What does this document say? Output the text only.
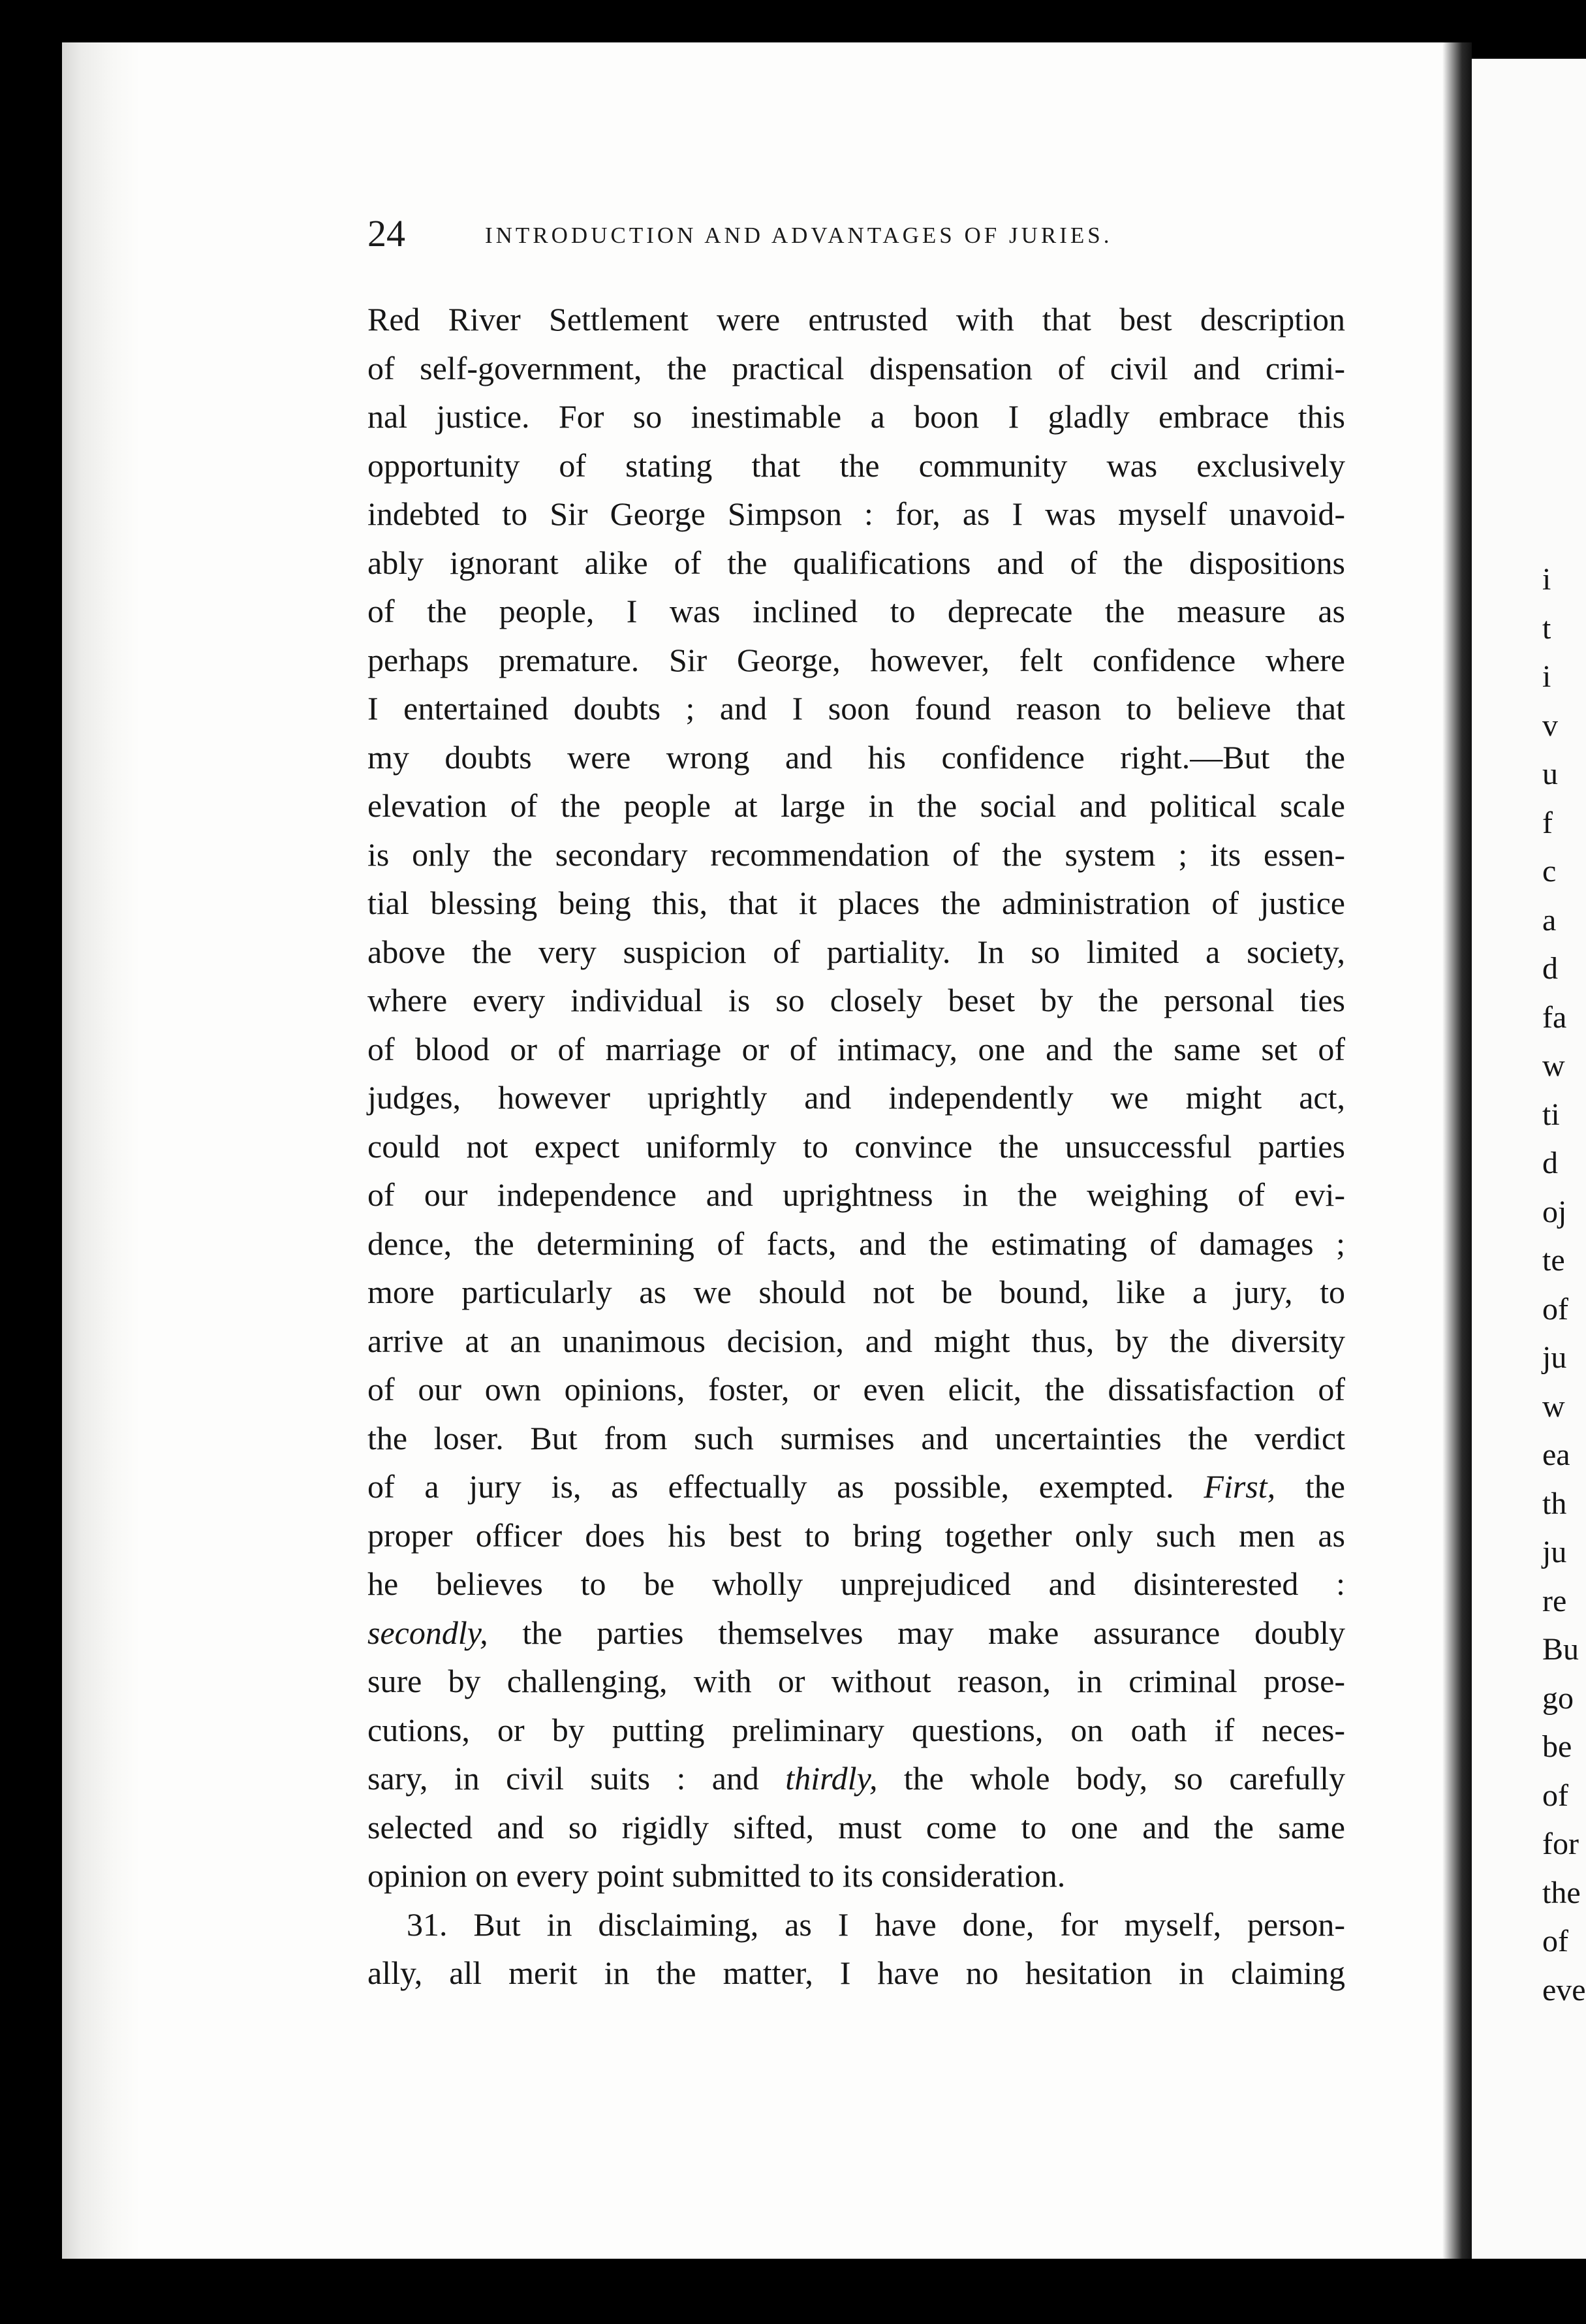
i
t
i
v
u
f
c
a
d
fa
w
ti
d
oj
te
of
ju
w
ea
th
ju
re
Bu
go
be
of
for
the
of
eve
24	INTRODUCTION AND ADVANTAGES OF JURIES.
Red River Settlement were entrusted with that best description
of self-government, the practical dispensation of civil and crimi-
nal justice. For so inestimable a boon I gladly embrace this
opportunity of stating that the community was exclusively
indebted to Sir George Simpson : for, as I was myself unavoid-
ably ignorant alike of the qualifications and of the dispositions
of the people, I was inclined to deprecate the measure as
perhaps premature. Sir George, however, felt confidence where
I entertained doubts ; and I soon found reason to believe that
my doubts were wrong and his confidence right.—But the
elevation of the people at large in the social and political scale
is only the secondary recommendation of the system ; its essen-
tial blessing being this, that it places the administration of justice
above the very suspicion of partiality. In so limited a society,
where every individual is so closely beset by the personal ties
of blood or of marriage or of intimacy, one and the same set of
judges, however uprightly and independently we might act,
could not expect uniformly to convince the unsuccessful parties
of our independence and uprightness in the weighing of evi-
dence, the determining of facts, and the estimating of damages ;
more particularly as we should not be bound, like a jury, to
arrive at an unanimous decision, and might thus, by the diversity
of our own opinions, foster, or even elicit, the dissatisfaction of
the loser. But from such surmises and uncertainties the verdict
of a jury is, as effectually as possible, exempted. First, the
proper officer does his best to bring together only such men as
he believes to be wholly unprejudiced and disinterested :
secondly, the parties themselves may make assurance doubly
sure by challenging, with or without reason, in criminal prose-
cutions, or by putting preliminary questions, on oath if neces-
sary, in civil suits : and thirdly, the whole body, so carefully
selected and so rigidly sifted, must come to one and the same
opinion on every point submitted to its consideration.
31. But in disclaiming, as I have done, for myself, person-
ally, all merit in the matter, I have no hesitation in claiming
